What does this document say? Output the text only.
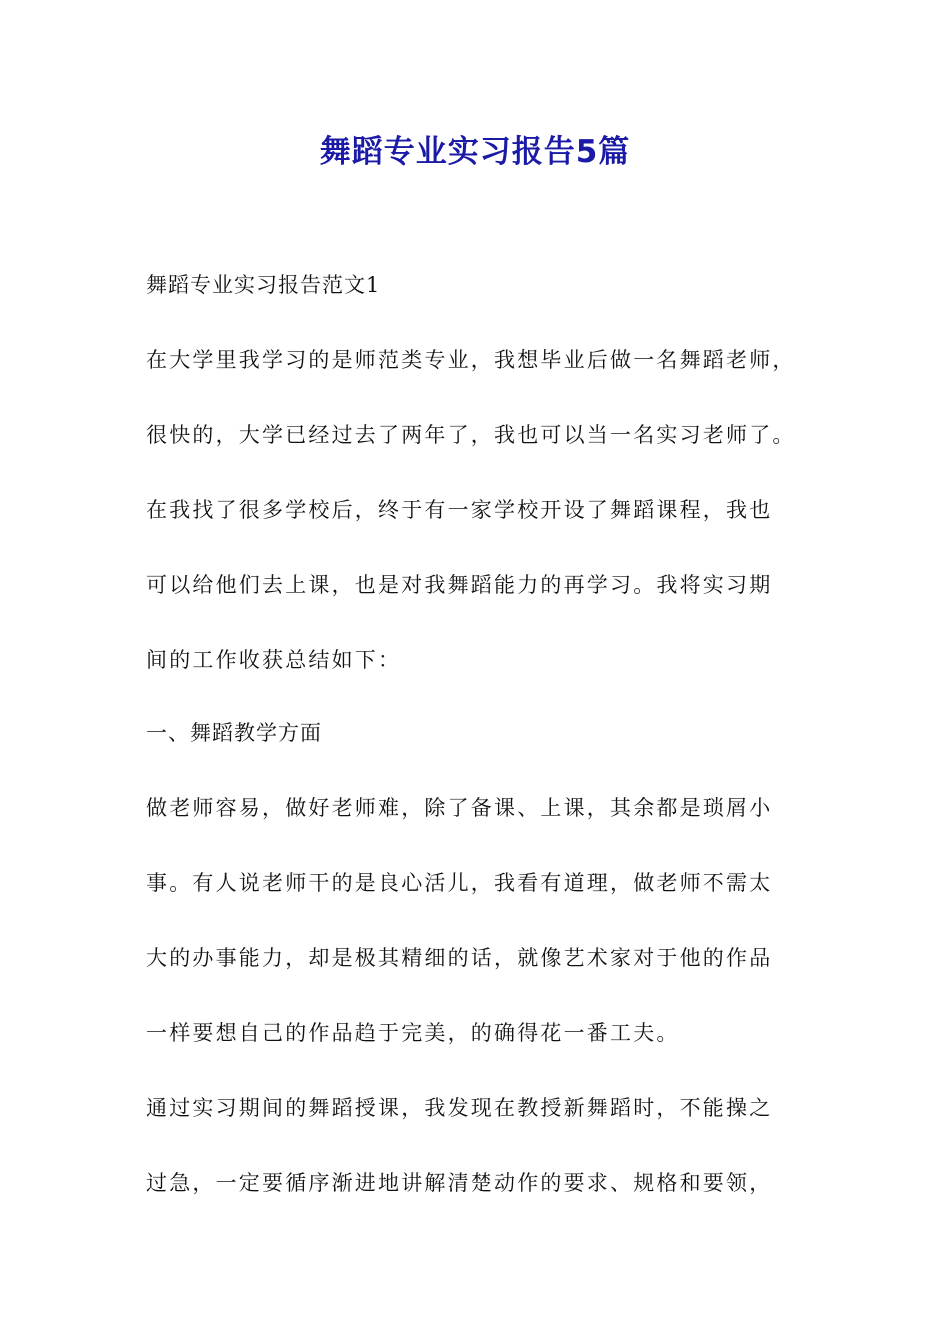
舞蹈专业实习报告5篇
舞蹈专业实习报告范文1
在大学里我学习的是师范类专业，我想毕业后做一名舞蹈老师，
很快的，大学已经过去了两年了，我也可以当一名实习老师了。
在我找了很多学校后，终于有一家学校开设了舞蹈课程，我也
可以给他们去上课，也是对我舞蹈能力的再学习。我将实习期
间的工作收获总结如下：
一、舞蹈教学方面
做老师容易，做好老师难，除了备课、上课，其余都是琐屑小
事。有人说老师干的是良心活儿，我看有道理，做老师不需太
大的办事能力，却是极其精细的话，就像艺术家对于他的作品
一样要想自己的作品趋于完美，的确得花一番工夫。
通过实习期间的舞蹈授课，我发现在教授新舞蹈时，不能操之
过急，一定要循序渐进地讲解清楚动作的要求、规格和要领，
